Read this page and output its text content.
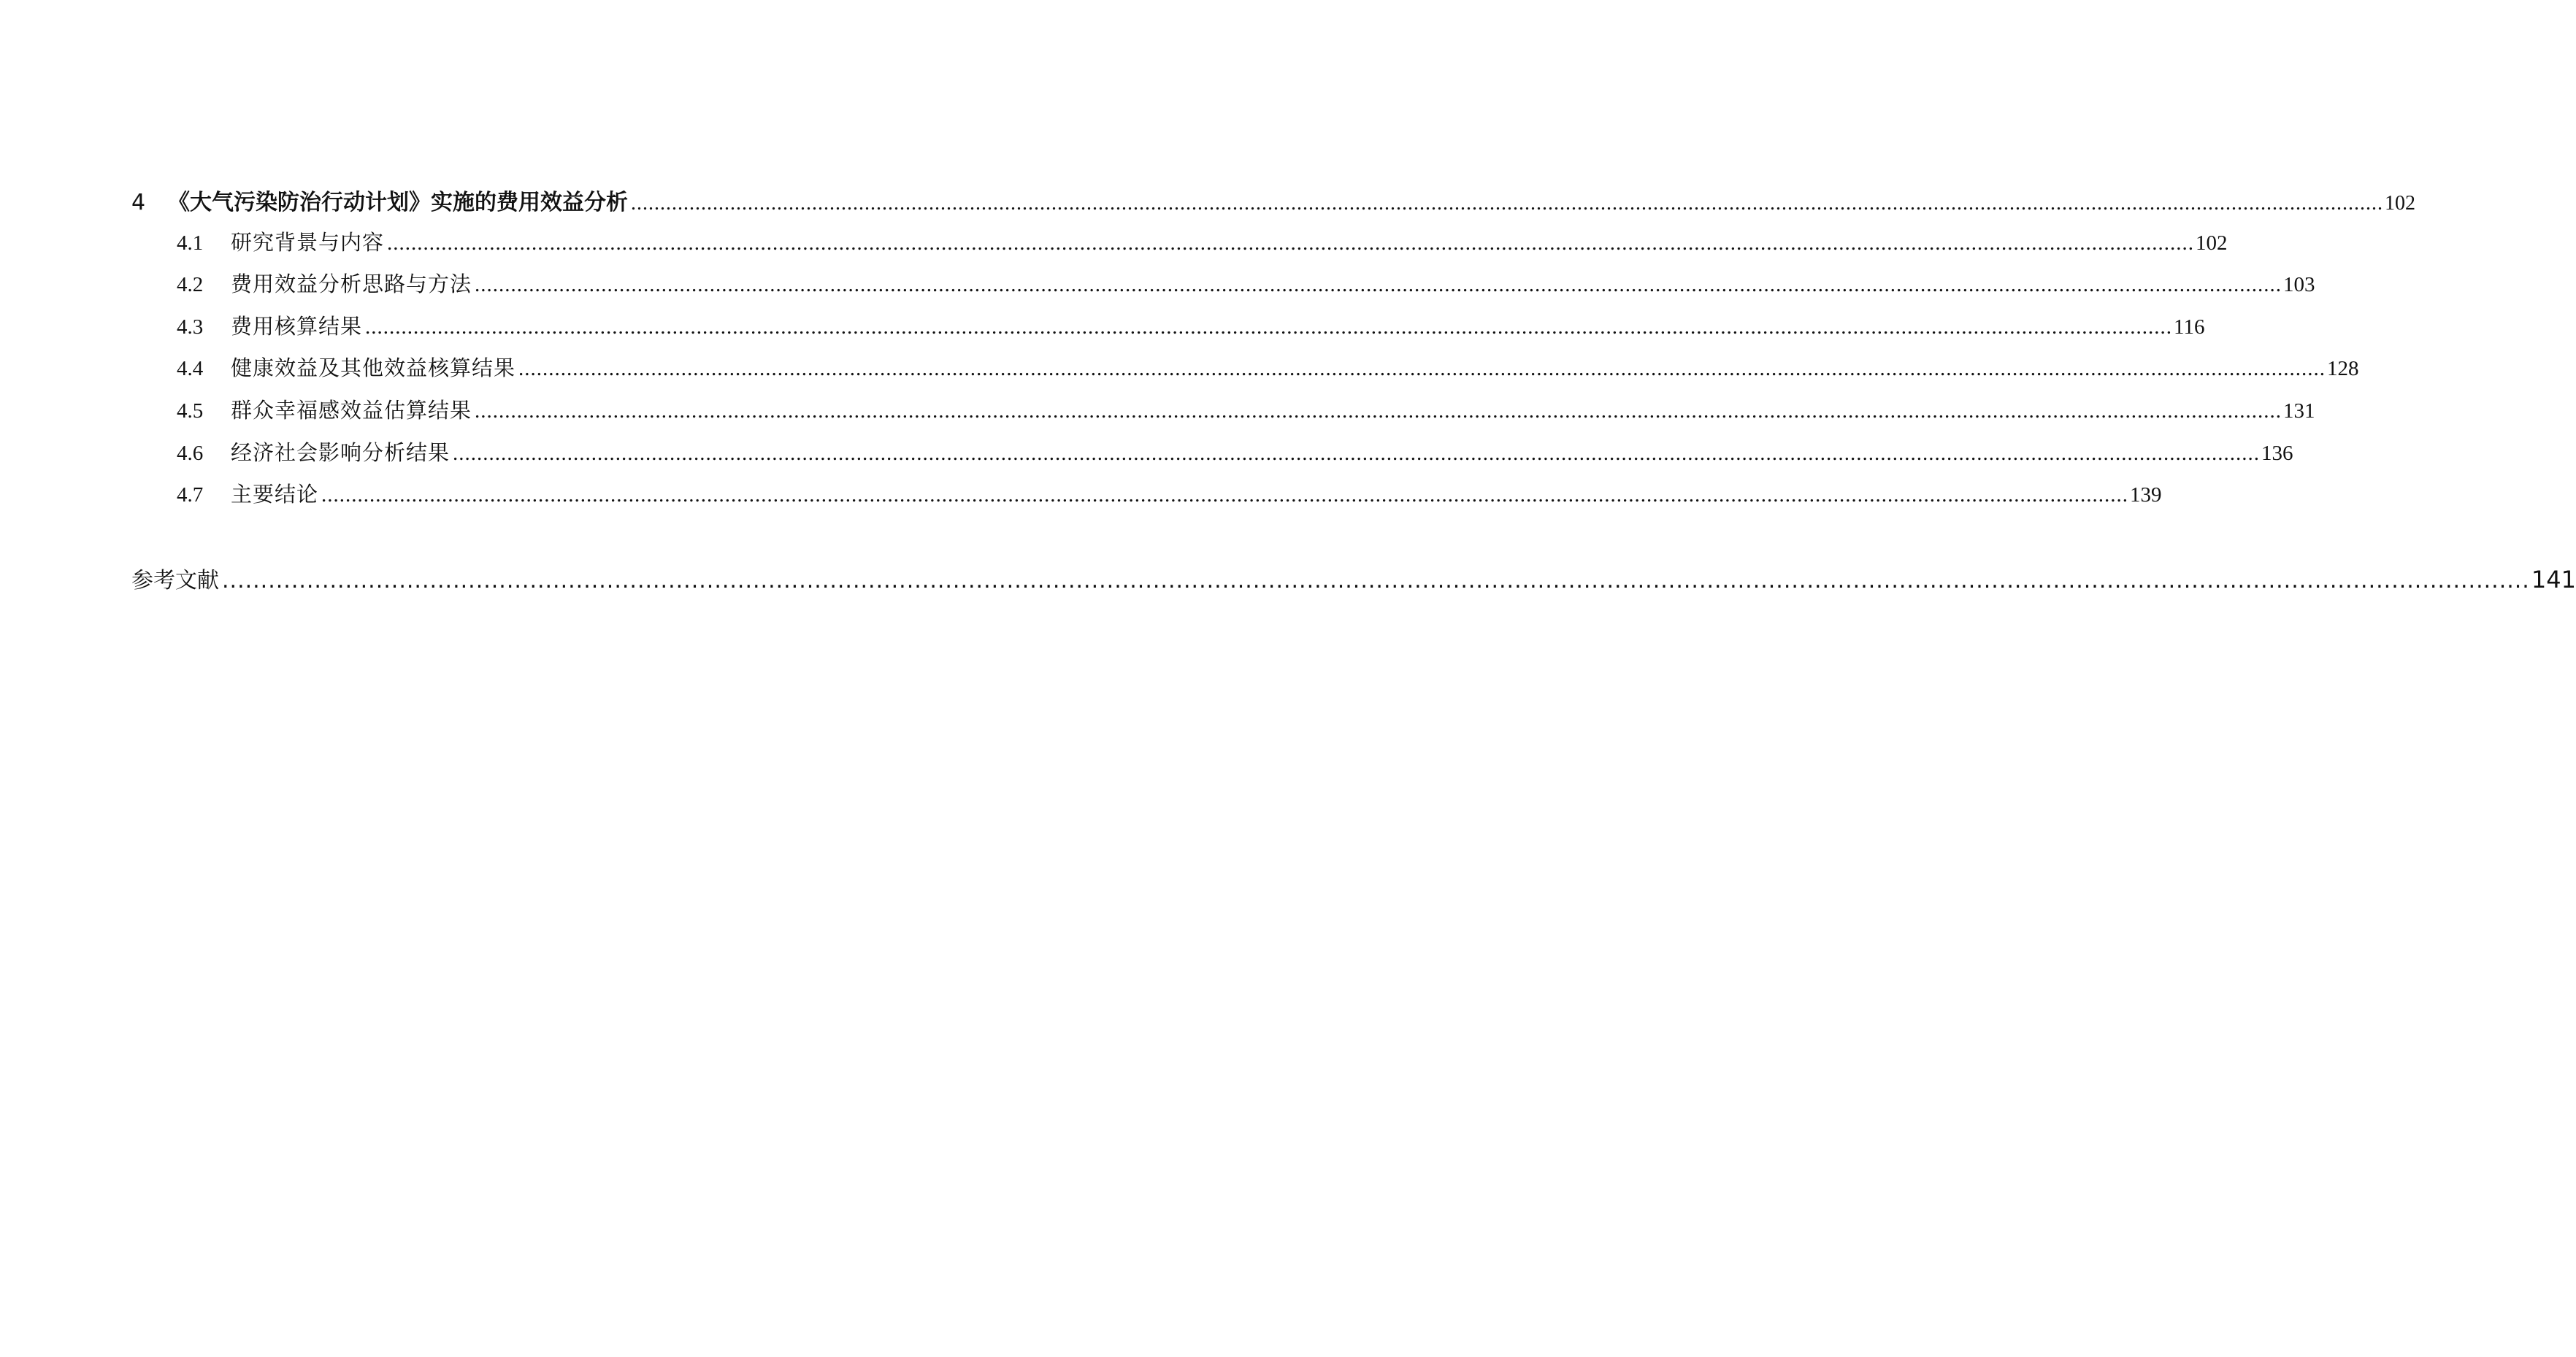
4	《大气污染防治行动计划》实施的费用效益分析 ............................................................................................................................................................................................................................................................................................................ 102
4.1	研究背景与内容 ............................................................................................................................................................................................................................................................................................................ 102
4.2	费用效益分析思路与方法 ............................................................................................................................................................................................................................................................................................................ 103
4.3	费用核算结果 ............................................................................................................................................................................................................................................................................................................ 116
4.4	健康效益及其他效益核算结果 ............................................................................................................................................................................................................................................................................................................ 128
4.5	群众幸福感效益估算结果 ............................................................................................................................................................................................................................................................................................................ 131
4.6	经济社会影响分析结果 ............................................................................................................................................................................................................................................................................................................ 136
4.7	主要结论 ............................................................................................................................................................................................................................................................................................................ 139
参考文献 ............................................................................................................................................................................................................................................................................................................ 141
